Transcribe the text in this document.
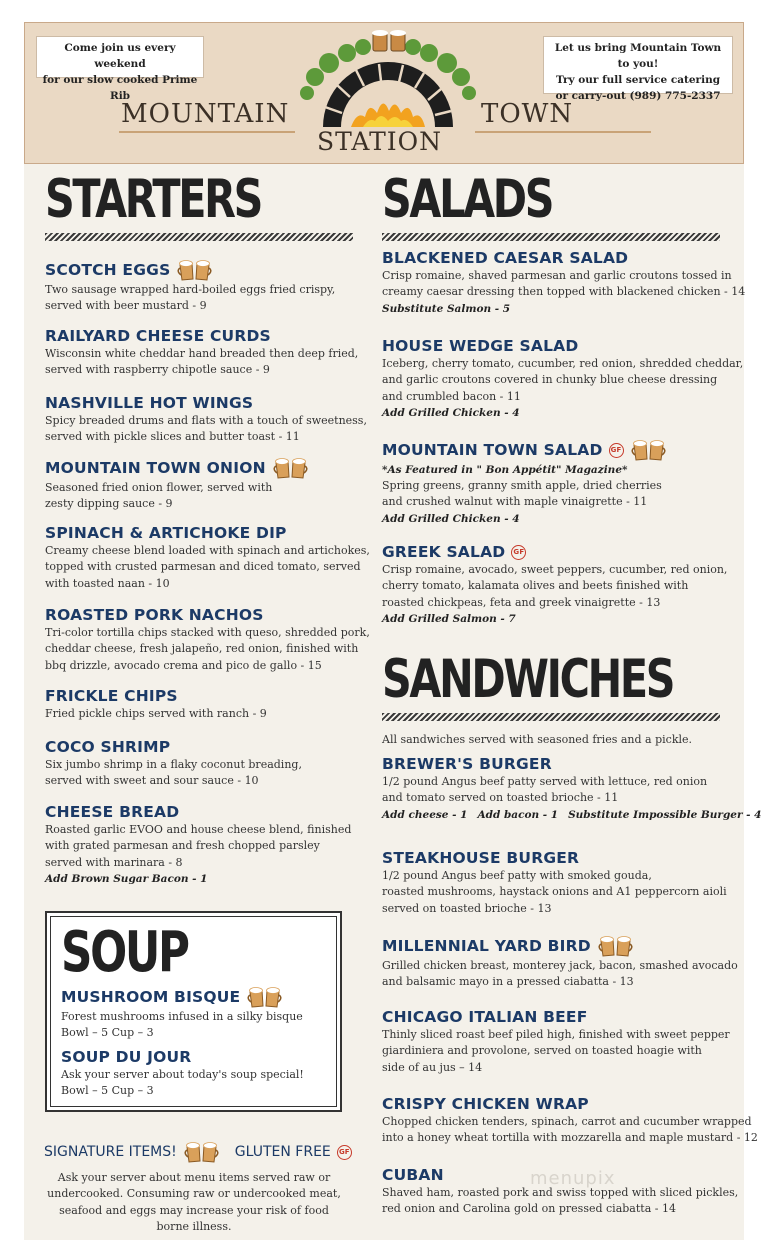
Come join us every weekend
for our slow cooked Prime Rib
Let us bring Mountain Town to you!
Try our full service catering
or carry-out (989) 775-2337
MOUNTAIN	TOWN
STATION
STARTERS
SCOTCH EGGS
Two sausage wrapped hard-boiled eggs fried crispy,
served with beer mustard - 9
RAILYARD CHEESE CURDS
Wisconsin white cheddar hand breaded then deep fried,
served with raspberry chipotle sauce - 9
NASHVILLE HOT WINGS
Spicy breaded drums and flats with a touch of sweetness,
served with pickle slices and butter toast - 11
MOUNTAIN TOWN ONION
Seasoned fried onion flower, served with
zesty dipping sauce - 9
SPINACH & ARTICHOKE DIP
Creamy cheese blend loaded with spinach and artichokes,
topped with crusted parmesan and diced tomato, served
with toasted naan - 10
ROASTED PORK NACHOS
Tri-color tortilla chips stacked with queso, shredded pork,
cheddar cheese, fresh jalapeño, red onion, finished with
bbq drizzle, avocado crema and pico de gallo - 15
FRICKLE CHIPS
Fried pickle chips served with ranch - 9
COCO SHRIMP
Six jumbo shrimp in a flaky coconut breading,
served with sweet and sour sauce - 10
CHEESE BREAD
Roasted garlic EVOO and house cheese blend, finished
with grated parmesan and fresh chopped parsley
served with marinara - 8
Add Brown Sugar Bacon - 1
SOUP
MUSHROOM BISQUE
Forest mushrooms infused in a silky bisque
Bowl – 5 Cup – 3
SOUP DU JOUR
Ask your server about today's soup special!
Bowl – 5 Cup – 3
SIGNATURE ITEMS!	GLUTEN FREE	GF
Ask your server about menu items served raw or undercooked. Consuming raw or undercooked meat, seafood and eggs may increase your risk of food borne illness.
SALADS
BLACKENED CAESAR SALAD
Crisp romaine, shaved parmesan and garlic croutons tossed in
creamy caesar dressing then topped with blackened chicken - 14
Substitute Salmon - 5
HOUSE WEDGE SALAD
Iceberg, cherry tomato, cucumber, red onion, shredded cheddar,
and garlic croutons covered in chunky blue cheese dressing
and crumbled bacon - 11
Add Grilled Chicken - 4
MOUNTAIN TOWN SALAD GF
*As Featured in " Bon Appétit" Magazine*
Spring greens, granny smith apple, dried cherries
and crushed walnut with maple vinaigrette - 11
Add Grilled Chicken - 4
GREEK SALAD GF
Crisp romaine, avocado, sweet peppers, cucumber, red onion,
cherry tomato, kalamata olives and beets finished with
roasted chickpeas, feta and greek vinaigrette - 13
Add Grilled Salmon - 7
SANDWICHES
All sandwiches served with seasoned fries and a pickle.
BREWER'S BURGER
1/2 pound Angus beef patty served with lettuce, red onion
and tomato served on toasted brioche - 11
Add cheese - 1 Add bacon - 1 Substitute Impossible Burger - 4
STEAKHOUSE BURGER
1/2 pound Angus beef patty with smoked gouda,
roasted mushrooms, haystack onions and A1 peppercorn aioli
served on toasted brioche - 13
MILLENNIAL YARD BIRD
Grilled chicken breast, monterey jack, bacon, smashed avocado
and balsamic mayo in a pressed ciabatta - 13
CHICAGO ITALIAN BEEF
Thinly sliced roast beef piled high, finished with sweet pepper
giardiniera and provolone, served on toasted hoagie with
side of au jus – 14
CRISPY CHICKEN WRAP
Chopped chicken tenders, spinach, carrot and cucumber wrapped
into a honey wheat tortilla with mozzarella and maple mustard - 12
CUBAN
Shaved ham, roasted pork and swiss topped with sliced pickles,
red onion and Carolina gold on pressed ciabatta - 14
menupix
